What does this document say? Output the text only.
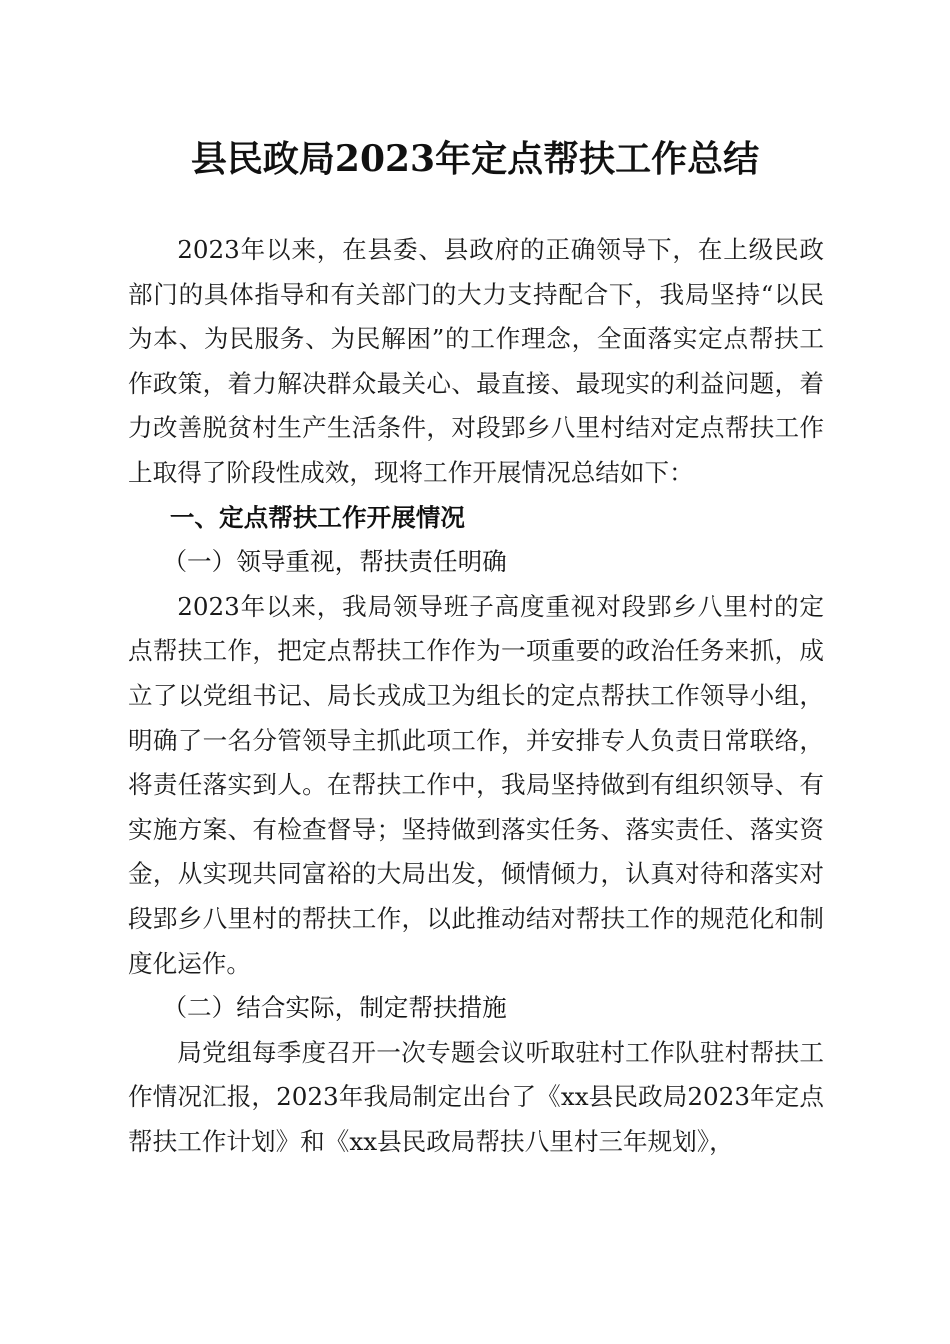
县民政局2023年定点帮扶工作总结

2023年以来，在县委、县政府的正确领导下，在上级民政部门的具体指导和有关部门的大力支持配合下，我局坚持“以民为本、为民服务、为民解困”的工作理念，全面落实定点帮扶工作政策，着力解决群众最关心、最直接、最现实的利益问题，着力改善脱贫村生产生活条件，对段郢乡八里村结对定点帮扶工作上取得了阶段性成效，现将工作开展情况总结如下：

一、定点帮扶工作开展情况
（一）领导重视，帮扶责任明确

2023年以来，我局领导班子高度重视对段郢乡八里村的定点帮扶工作，把定点帮扶工作作为一项重要的政治任务来抓，成立了以党组书记、局长戎成卫为组长的定点帮扶工作领导小组，明确了一名分管领导主抓此项工作，并安排专人负责日常联络，将责任落实到人。在帮扶工作中，我局坚持做到有组织领导、有实施方案、有检查督导；坚持做到落实任务、落实责任、落实资金，从实现共同富裕的大局出发，倾情倾力，认真对待和落实对段郢乡八里村的帮扶工作，以此推动结对帮扶工作的规范化和制度化运作。

（二）结合实际，制定帮扶措施

局党组每季度召开一次专题会议听取驻村工作队驻村帮扶工作情况汇报，2023年我局制定出台了《xx县民政局2023年定点帮扶工作计划》和《xx县民政局帮扶八里村三年规划》，
